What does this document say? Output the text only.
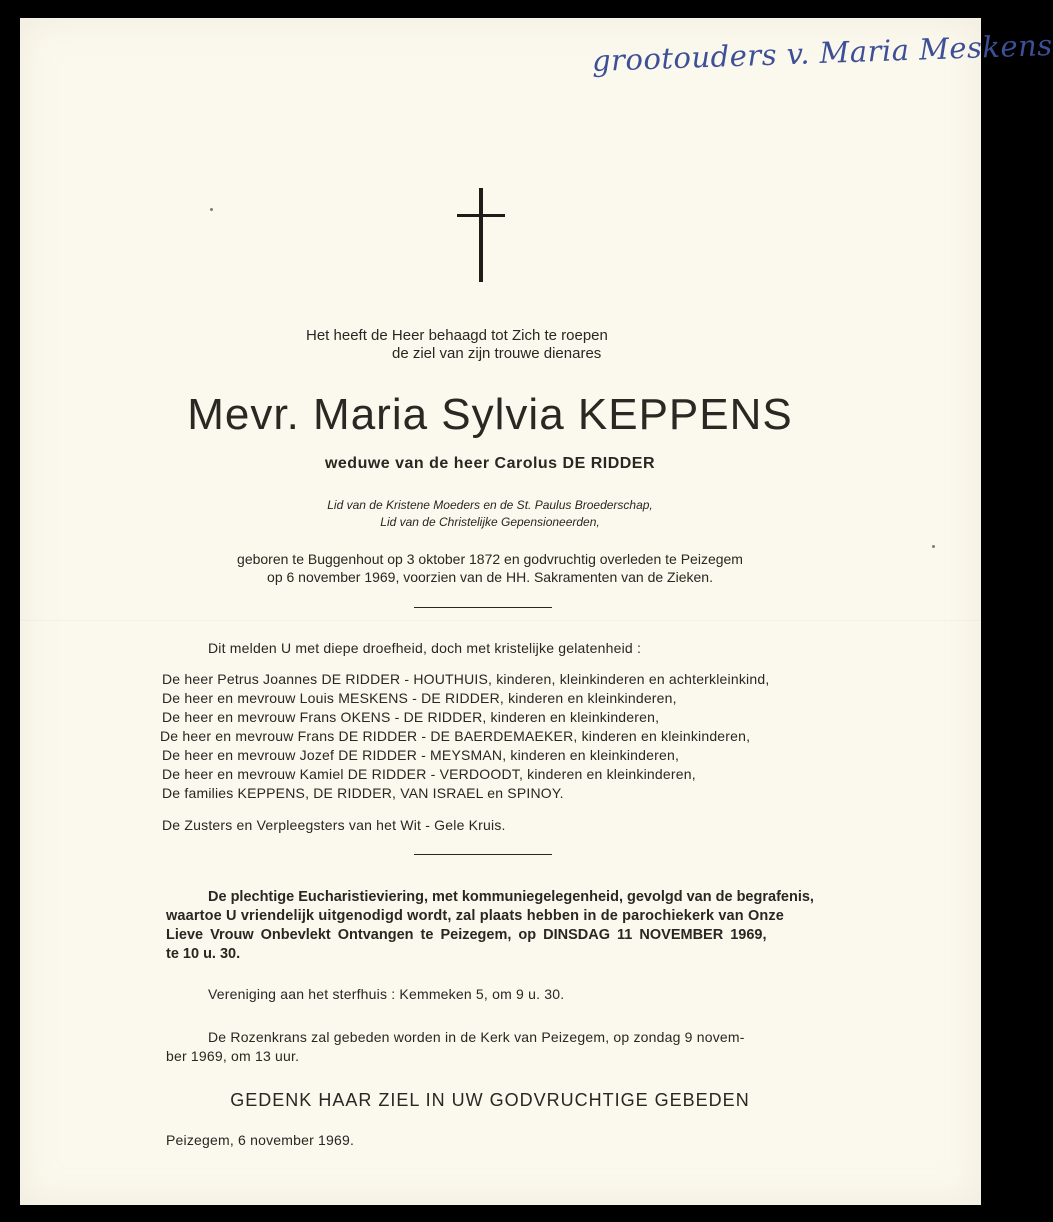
grootouders v. Maria Meskens
Het heeft de Heer behaagd tot Zich te roepen
de ziel van zijn trouwe dienares
Mevr. Maria Sylvia KEPPENS
weduwe van de heer Carolus DE RIDDER
Lid van de Kristene Moeders en de St. Paulus Broederschap,
Lid van de Christelijke Gepensioneerden,
geboren te Buggenhout op 3 oktober 1872 en godvruchtig overleden te Peizegem
op 6 november 1969, voorzien van de HH. Sakramenten van de Zieken.
Dit melden U met diepe droefheid, doch met kristelijke gelatenheid :
De heer Petrus Joannes DE RIDDER - HOUTHUIS, kinderen, kleinkinderen en achterkleinkind,
De heer en mevrouw Louis MESKENS - DE RIDDER, kinderen en kleinkinderen,
De heer en mevrouw Frans OKENS - DE RIDDER, kinderen en kleinkinderen,
De heer en mevrouw Frans DE RIDDER - DE BAERDEMAEKER, kinderen en kleinkinderen,
De heer en mevrouw Jozef DE RIDDER - MEYSMAN, kinderen en kleinkinderen,
De heer en mevrouw Kamiel DE RIDDER - VERDOODT, kinderen en kleinkinderen,
De families KEPPENS, DE RIDDER, VAN ISRAEL en SPINOY.
De Zusters en Verpleegsters van het Wit - Gele Kruis.
De plechtige Eucharistieviering, met kommuniegelegenheid, gevolgd van de begrafenis,
waartoe U vriendelijk uitgenodigd wordt, zal plaats hebben in de parochiekerk van Onze
Lieve Vrouw Onbevlekt Ontvangen te Peizegem, op DINSDAG 11 NOVEMBER 1969,
te 10 u. 30.
Vereniging aan het sterfhuis : Kemmeken 5, om 9 u. 30.
De Rozenkrans zal gebeden worden in de Kerk van Peizegem, op zondag 9 novem-
ber 1969, om 13 uur.
GEDENK HAAR ZIEL IN UW GODVRUCHTIGE GEBEDEN
Peizegem, 6 november 1969.
